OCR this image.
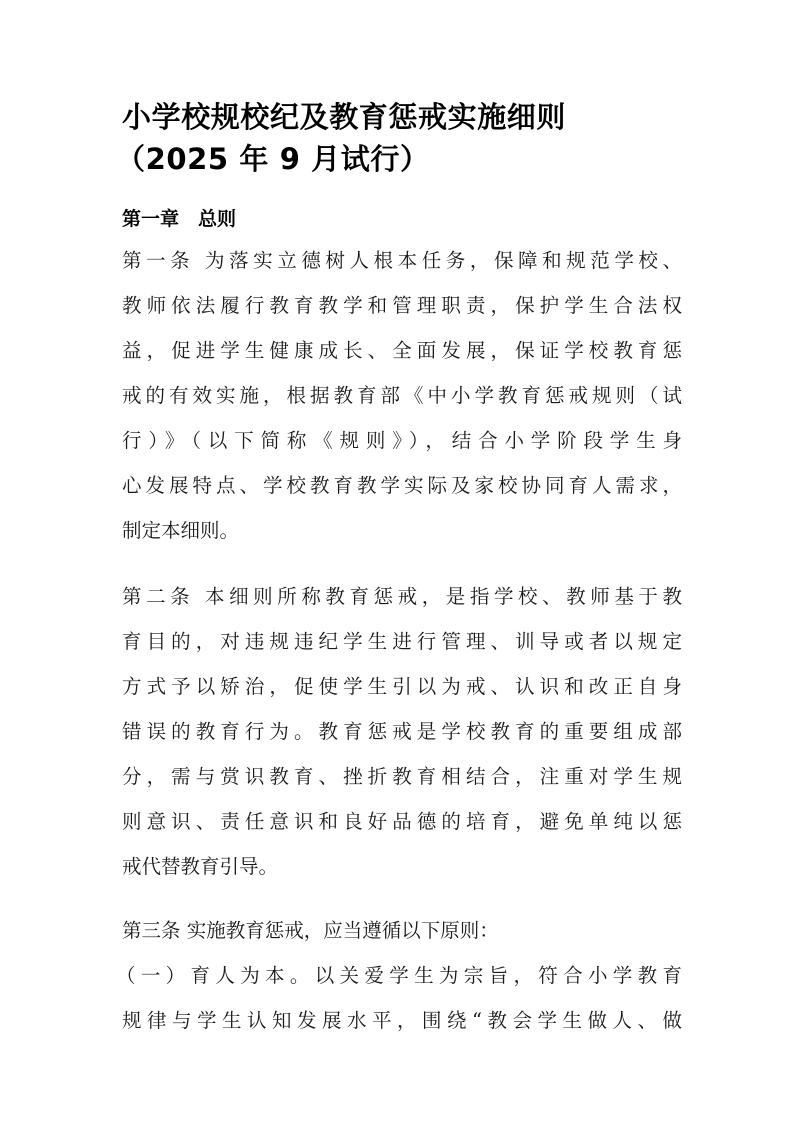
小学校规校纪及教育惩戒实施细则
（2025 年 9 月试行）
第一章　总则
第一条 为落实立德树人根本任务，保障和规范学校、
教师依法履行教育教学和管理职责，保护学生合法权
益，促进学生健康成长、全面发展，保证学校教育惩
戒的有效实施，根据教育部《中小学教育惩戒规则（试
行）》（以下简称《规则》），结合小学阶段学生身
心发展特点、学校教育教学实际及家校协同育人需求，
制定本细则。
第二条 本细则所称教育惩戒，是指学校、教师基于教
育目的，对违规违纪学生进行管理、训导或者以规定
方式予以矫治，促使学生引以为戒、认识和改正自身
错误的教育行为。教育惩戒是学校教育的重要组成部
分，需与赏识教育、挫折教育相结合，注重对学生规
则意识、责任意识和良好品德的培育，避免单纯以惩
戒代替教育引导。
第三条 实施教育惩戒，应当遵循以下原则：
（一）育人为本。以关爱学生为宗旨，符合小学教育
规律与学生认知发展水平，围绕“教会学生做人、做
